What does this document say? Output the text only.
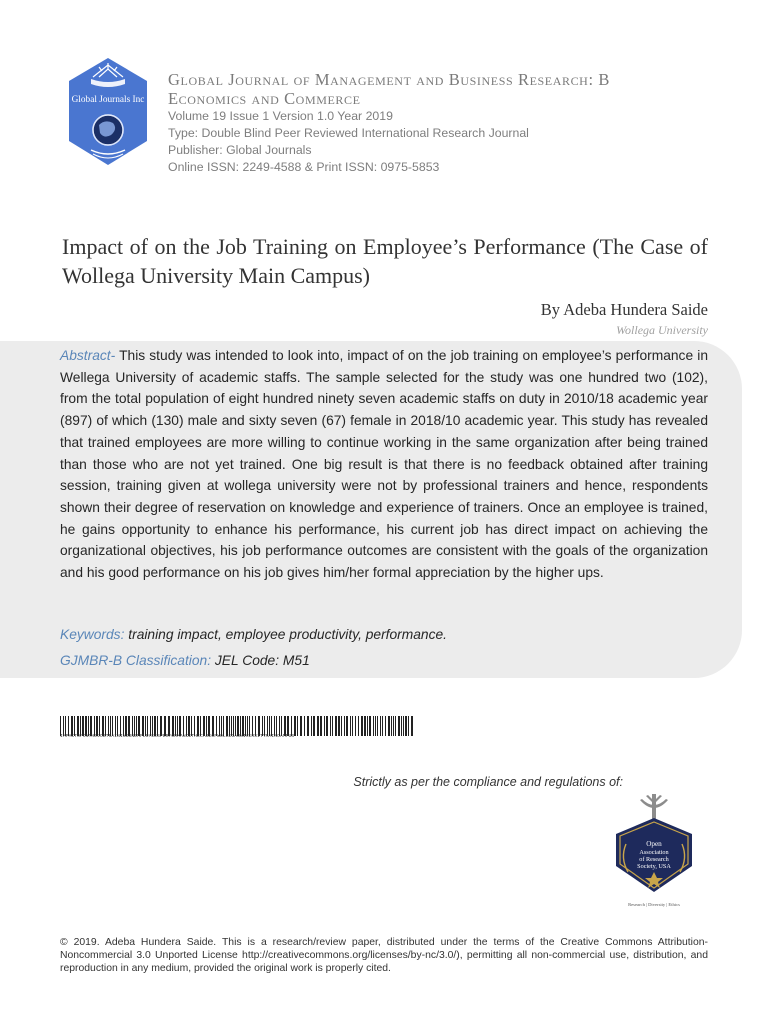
Global Journals Inc
Global Journal of Management and Business Research: B
Economics and Commerce
Volume 19 Issue 1 Version 1.0 Year 2019
Type: Double Blind Peer Reviewed International Research Journal
Publisher: Global Journals
Online ISSN: 2249-4588 & Print ISSN: 0975-5853
Impact of on the Job Training on Employee’s Performance (The Case of Wollega University Main Campus)
By Adeba Hundera Saide
Wollega University
Abstract- This study was intended to look into, impact of on the job training on employee’s performance in Wellega University of academic staffs. The sample selected for the study was one hundred two (102), from the total population of eight hundred ninety seven academic staffs on duty in 2010/18 academic year (897) of which (130) male and sixty seven (67) female in 2018/10 academic year. This study has revealed that trained employees are more willing to continue working in the same organization after being trained than those who are not yet trained. One big result is that there is no feedback obtained after training session, training given at wollega university were not by professional trainers and hence, respondents shown their degree of reservation on knowledge and experience of trainers. Once an employee is trained, he gains opportunity to enhance his performance, his current job has direct impact on achieving the organizational objectives, his job performance outcomes are consistent with the goals of the organization and his good performance on his job gives him/her formal appreciation by the higher ups.
Keywords: training impact, employee productivity, performance.
GJMBR-B Classification: JEL Code: M51
IMPACTOFONTHEJOBTRAININGONEMPLOYEESPERFORMANCETHECASEOFWOLLEGAUNIVERSITYMAINCAMPUS
Strictly as per the compliance and regulations of:
Open
Association
of Research
Society, USA
Research | Diversity | Ethics
© 2019. Adeba Hundera Saide. This is a research/review paper, distributed under the terms of the Creative Commons Attribution-Noncommercial 3.0 Unported License http://creativecommons.org/licenses/by-nc/3.0/), permitting all non-commercial use, distribution, and reproduction in any medium, provided the original work is properly cited.
